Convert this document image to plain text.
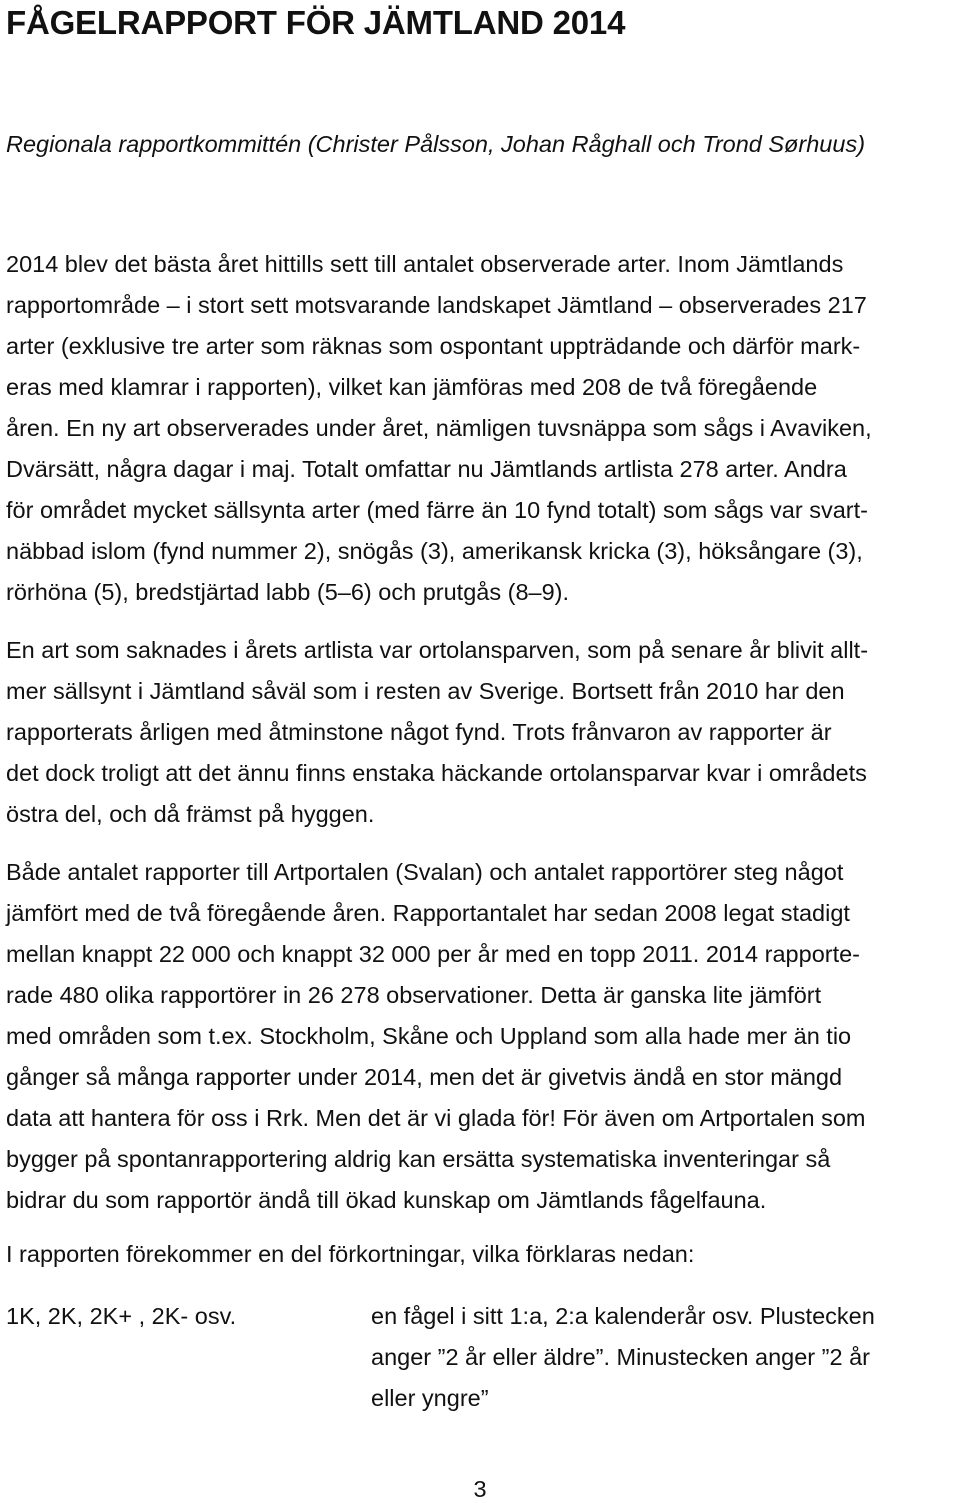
FÅGELRAPPORT FÖR JÄMTLAND 2014
Regionala rapportkommittén (Christer Pålsson, Johan Råghall och Trond Sørhuus)
2014 blev det bästa året hittills sett till antalet observerade arter. Inom Jämtlands
rapportområde – i stort sett motsvarande landskapet Jämtland – observerades 217
arter (exklusive tre arter som räknas som ospontant uppträdande och därför mark-
eras med klamrar i rapporten), vilket kan jämföras med 208 de två föregående
åren. En ny art observerades under året, nämligen tuvsnäppa som sågs i Avaviken,
Dvärsätt, några dagar i maj. Totalt omfattar nu Jämtlands artlista 278 arter. Andra
för området mycket sällsynta arter (med färre än 10 fynd totalt) som sågs var svart-
näbbad islom (fynd nummer 2), snögås (3), amerikansk kricka (3), höksångare (3),
rörhöna (5), bredstjärtad labb (5–6) och prutgås (8–9).
En art som saknades i årets artlista var ortolansparven, som på senare år blivit allt-
mer sällsynt i Jämtland såväl som i resten av Sverige. Bortsett från 2010 har den
rapporterats årligen med åtminstone något fynd. Trots frånvaron av rapporter är
det dock troligt att det ännu finns enstaka häckande ortolansparvar kvar i områdets
östra del, och då främst på hyggen.
Både antalet rapporter till Artportalen (Svalan) och antalet rapportörer steg något
jämfört med de två föregående åren. Rapportantalet har sedan 2008 legat stadigt
mellan knappt 22 000 och knappt 32 000 per år med en topp 2011. 2014 rapporte-
rade 480 olika rapportörer in 26 278 observationer. Detta är ganska lite jämfört
med områden som t.ex. Stockholm, Skåne och Uppland som alla hade mer än tio
gånger så många rapporter under 2014, men det är givetvis ändå en stor mängd
data att hantera för oss i Rrk. Men det är vi glada för! För även om Artportalen som
bygger på spontanrapportering aldrig kan ersätta systematiska inventeringar så
bidrar du som rapportör ändå till ökad kunskap om Jämtlands fågelfauna.
I rapporten förekommer en del förkortningar, vilka förklaras nedan:
1K, 2K, 2K+ , 2K- osv.	en fågel i sitt 1:a, 2:a kalenderår osv. Plustecken
anger ”2 år eller äldre”. Minustecken anger ”2 år
eller yngre”
3
